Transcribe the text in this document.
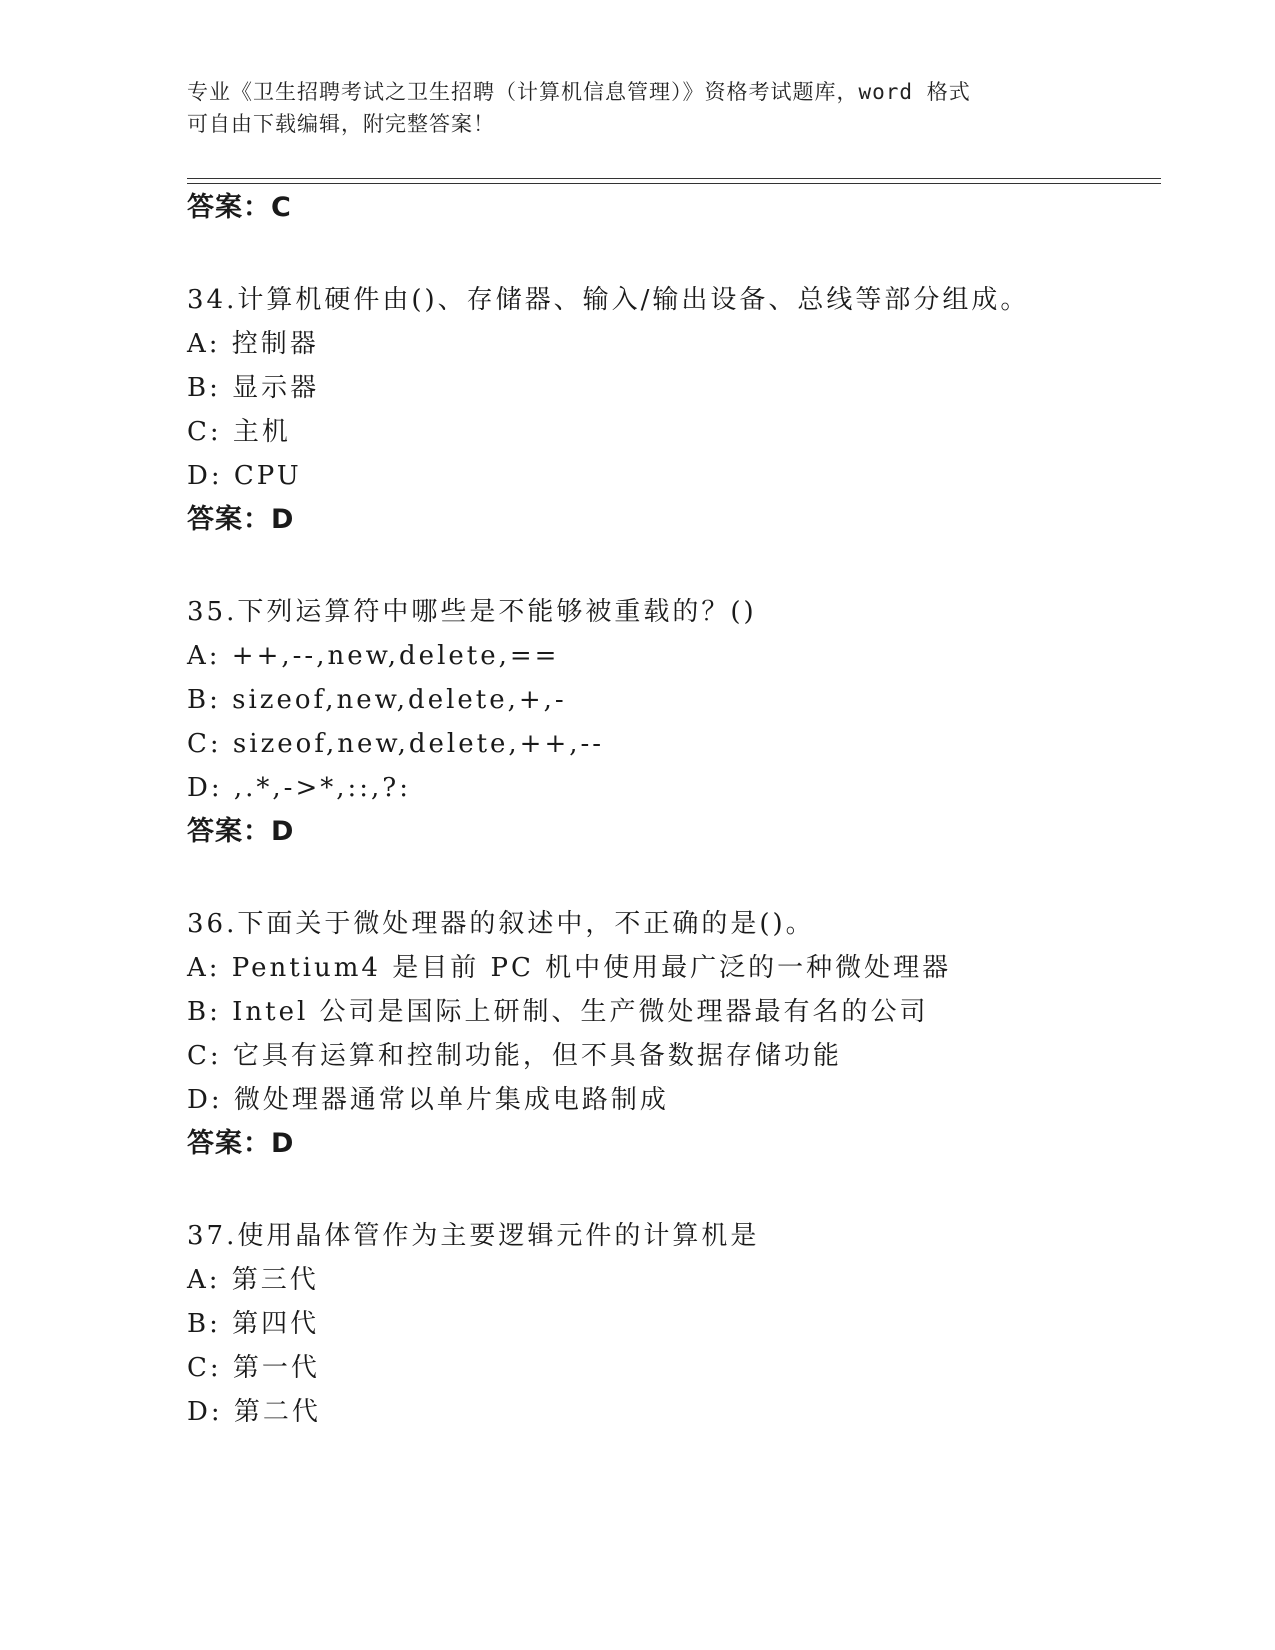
专业《卫生招聘考试之卫生招聘（计算机信息管理）》资格考试题库，word 格式
可自由下载编辑，附完整答案！
答案：C
34.计算机硬件由()、存储器、输入/输出设备、总线等部分组成。
A: 控制器
B: 显示器
C: 主机
D: CPU
答案：D
35.下列运算符中哪些是不能够被重载的？()
A: ++,--,new,delete,==
B: sizeof,new,delete,+,-
C: sizeof,new,delete,++,--
D: ,.*,->*,::,?:
答案：D
36.下面关于微处理器的叙述中，不正确的是()。
A: Pentium4 是目前 PC 机中使用最广泛的一种微处理器
B: Intel 公司是国际上研制、生产微处理器最有名的公司
C: 它具有运算和控制功能，但不具备数据存储功能
D: 微处理器通常以单片集成电路制成
答案：D
37.使用晶体管作为主要逻辑元件的计算机是
A: 第三代
B: 第四代
C: 第一代
D: 第二代
